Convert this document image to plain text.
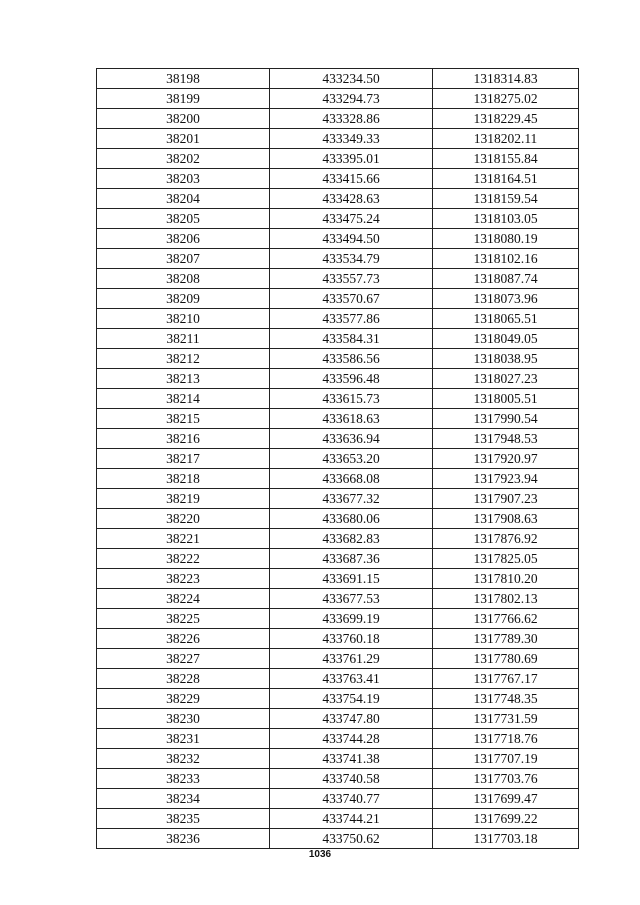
38198	433234.50	1318314.83
38199	433294.73	1318275.02
38200	433328.86	1318229.45
38201	433349.33	1318202.11
38202	433395.01	1318155.84
38203	433415.66	1318164.51
38204	433428.63	1318159.54
38205	433475.24	1318103.05
38206	433494.50	1318080.19
38207	433534.79	1318102.16
38208	433557.73	1318087.74
38209	433570.67	1318073.96
38210	433577.86	1318065.51
38211	433584.31	1318049.05
38212	433586.56	1318038.95
38213	433596.48	1318027.23
38214	433615.73	1318005.51
38215	433618.63	1317990.54
38216	433636.94	1317948.53
38217	433653.20	1317920.97
38218	433668.08	1317923.94
38219	433677.32	1317907.23
38220	433680.06	1317908.63
38221	433682.83	1317876.92
38222	433687.36	1317825.05
38223	433691.15	1317810.20
38224	433677.53	1317802.13
38225	433699.19	1317766.62
38226	433760.18	1317789.30
38227	433761.29	1317780.69
38228	433763.41	1317767.17
38229	433754.19	1317748.35
38230	433747.80	1317731.59
38231	433744.28	1317718.76
38232	433741.38	1317707.19
38233	433740.58	1317703.76
38234	433740.77	1317699.47
38235	433744.21	1317699.22
38236	433750.62	1317703.18
1036
